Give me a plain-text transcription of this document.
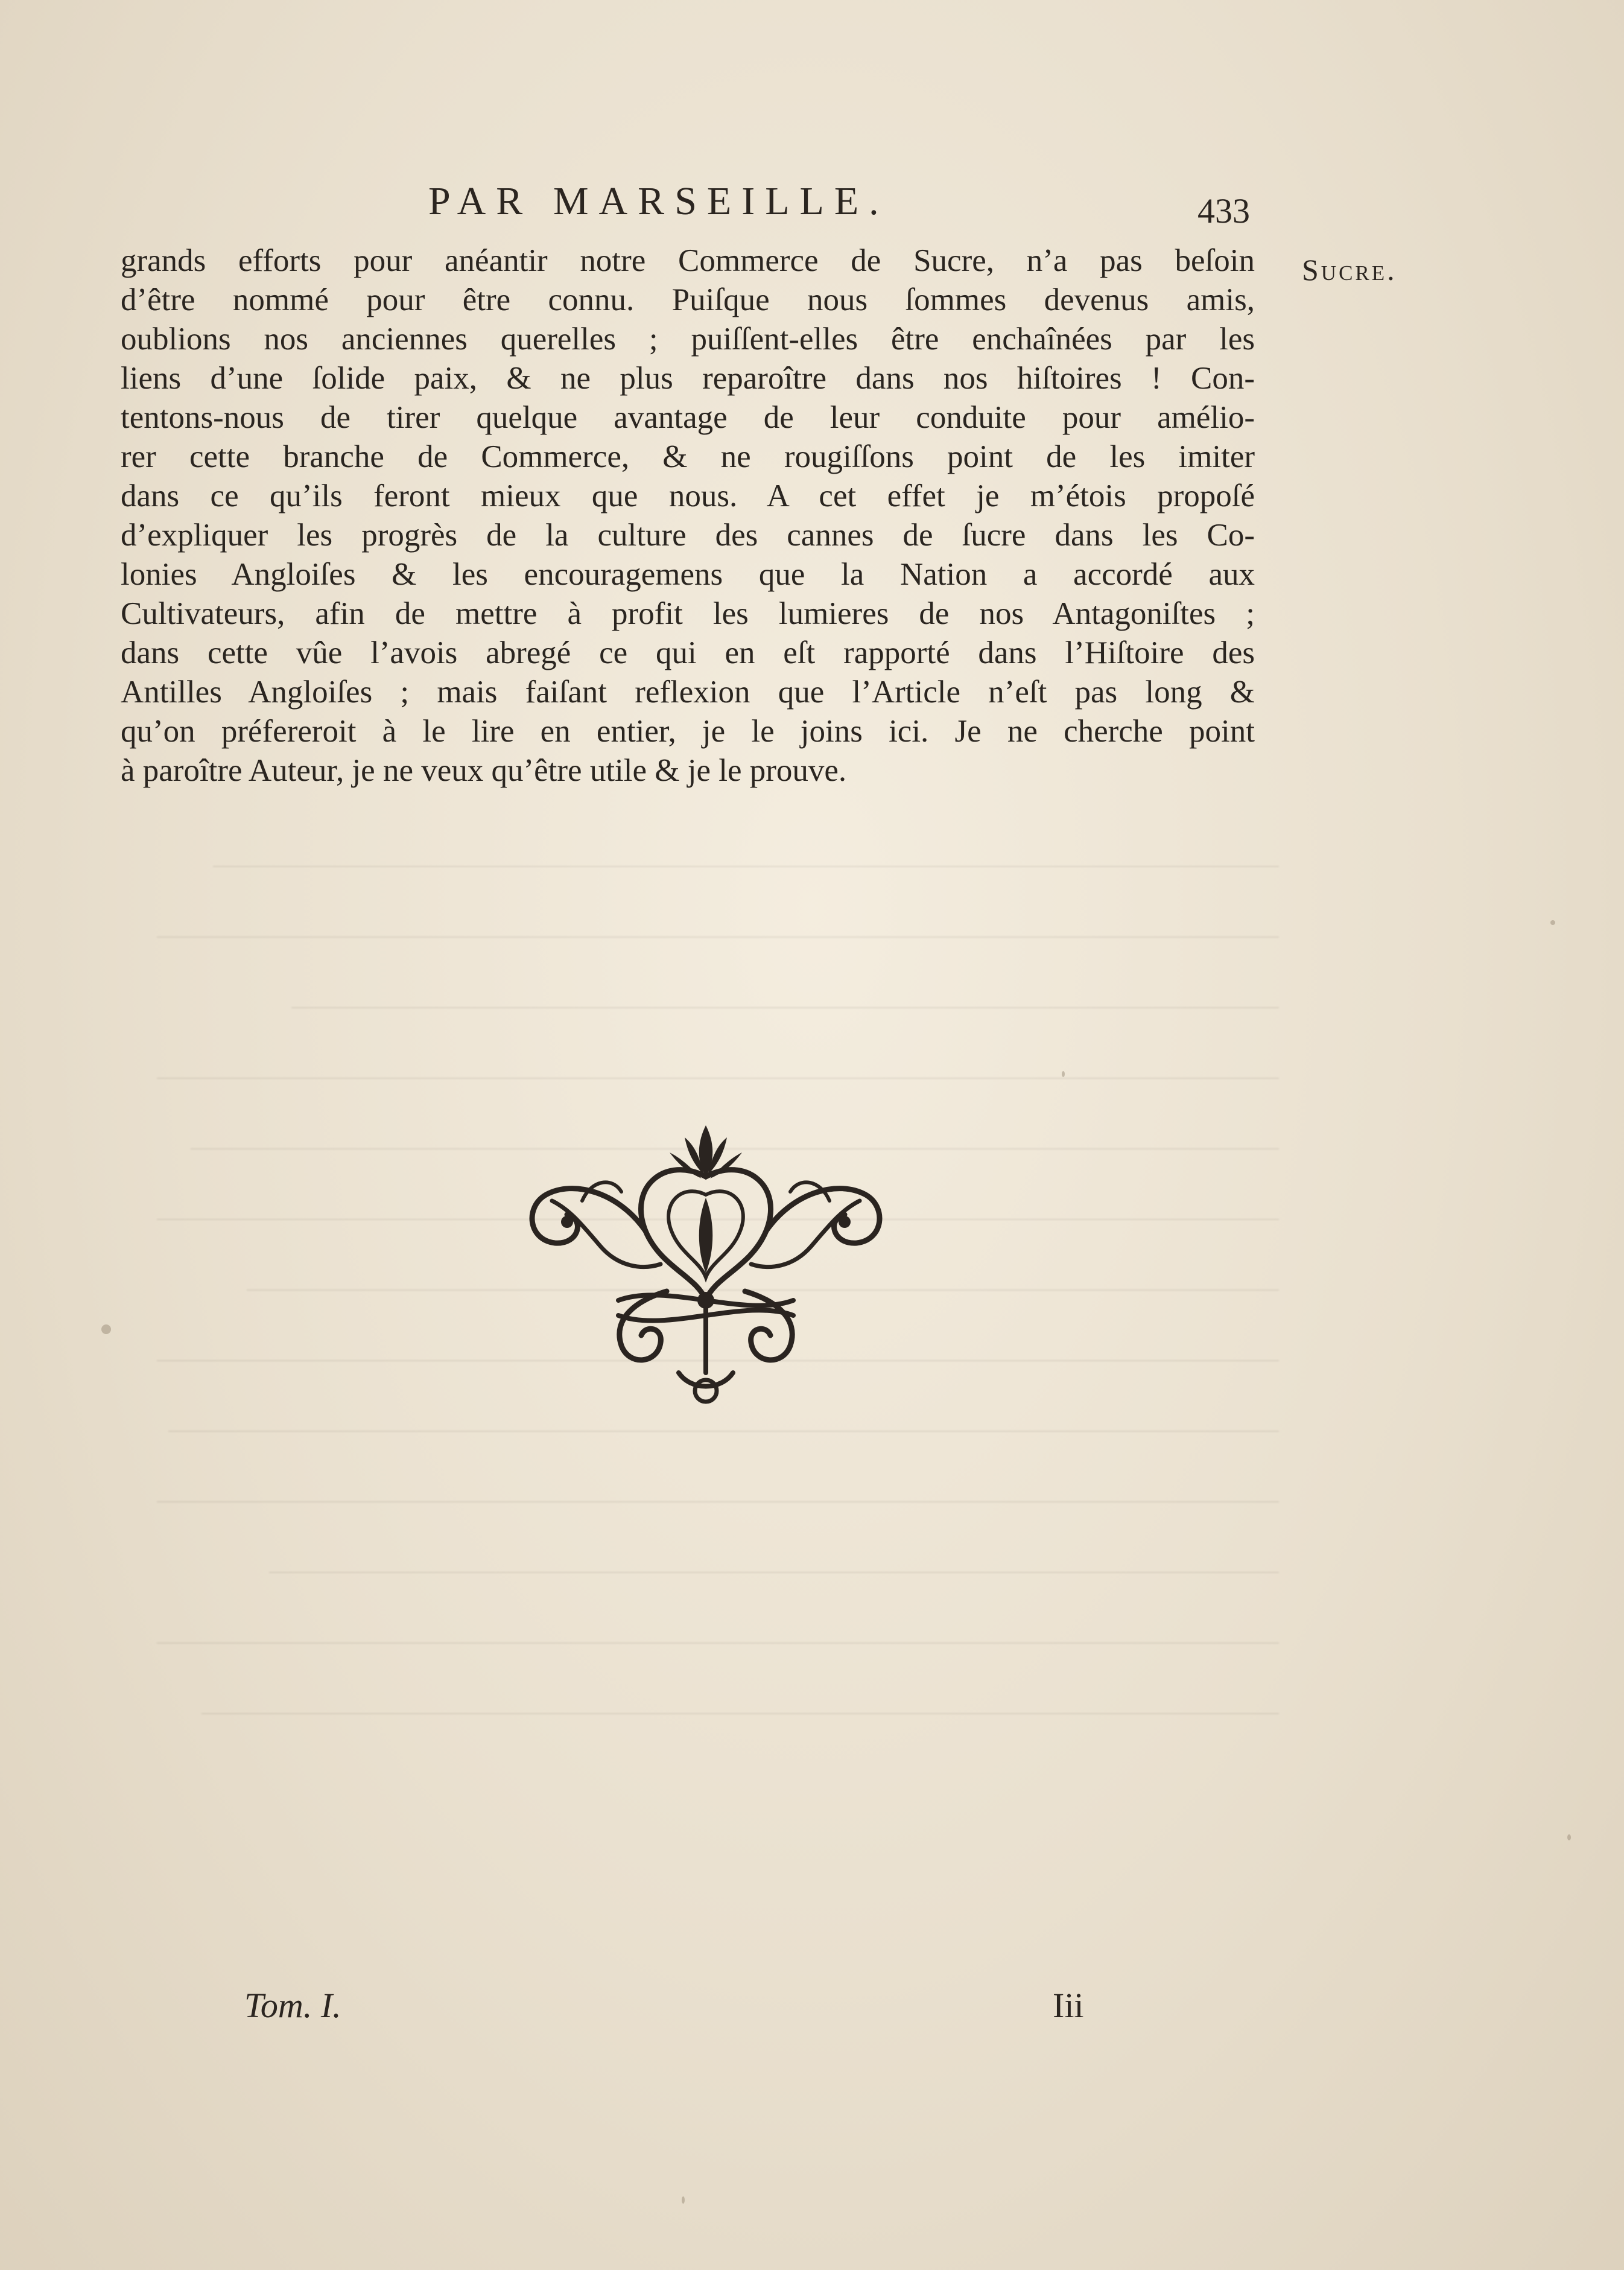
PAR MARSEILLE.	433
Sucre.
grands efforts pour anéantir notre Commerce de Sucre, n’a pas beſoin
d’être nommé pour être connu. Puiſque nous ſommes devenus amis,
oublions nos anciennes querelles ; puiſſent-elles être enchaînées par les
liens d’une ſolide paix, & ne plus reparoître dans nos hiſtoires ! Con-
tentons-nous de tirer quelque avantage de leur conduite pour amélio-
rer cette branche de Commerce, & ne rougiſſons point de les imiter
dans ce qu’ils feront mieux que nous. A cet effet je m’étois propoſé
d’expliquer les progrès de la culture des cannes de ſucre dans les Co-
lonies Angloiſes & les encouragemens que la Nation a accordé aux
Cultivateurs, afin de mettre à profit les lumieres de nos Antagoniſtes ;
dans cette vûe l’avois abregé ce qui en eſt rapporté dans l’Hiſtoire des
Antilles Angloiſes ; mais faiſant reflexion que l’Article n’eſt pas long &
qu’on préfereroit à le lire en entier, je le joins ici. Je ne cherche point
à paroître Auteur, je ne veux qu’être utile & je le prouve.
Tom. I.	Iii
